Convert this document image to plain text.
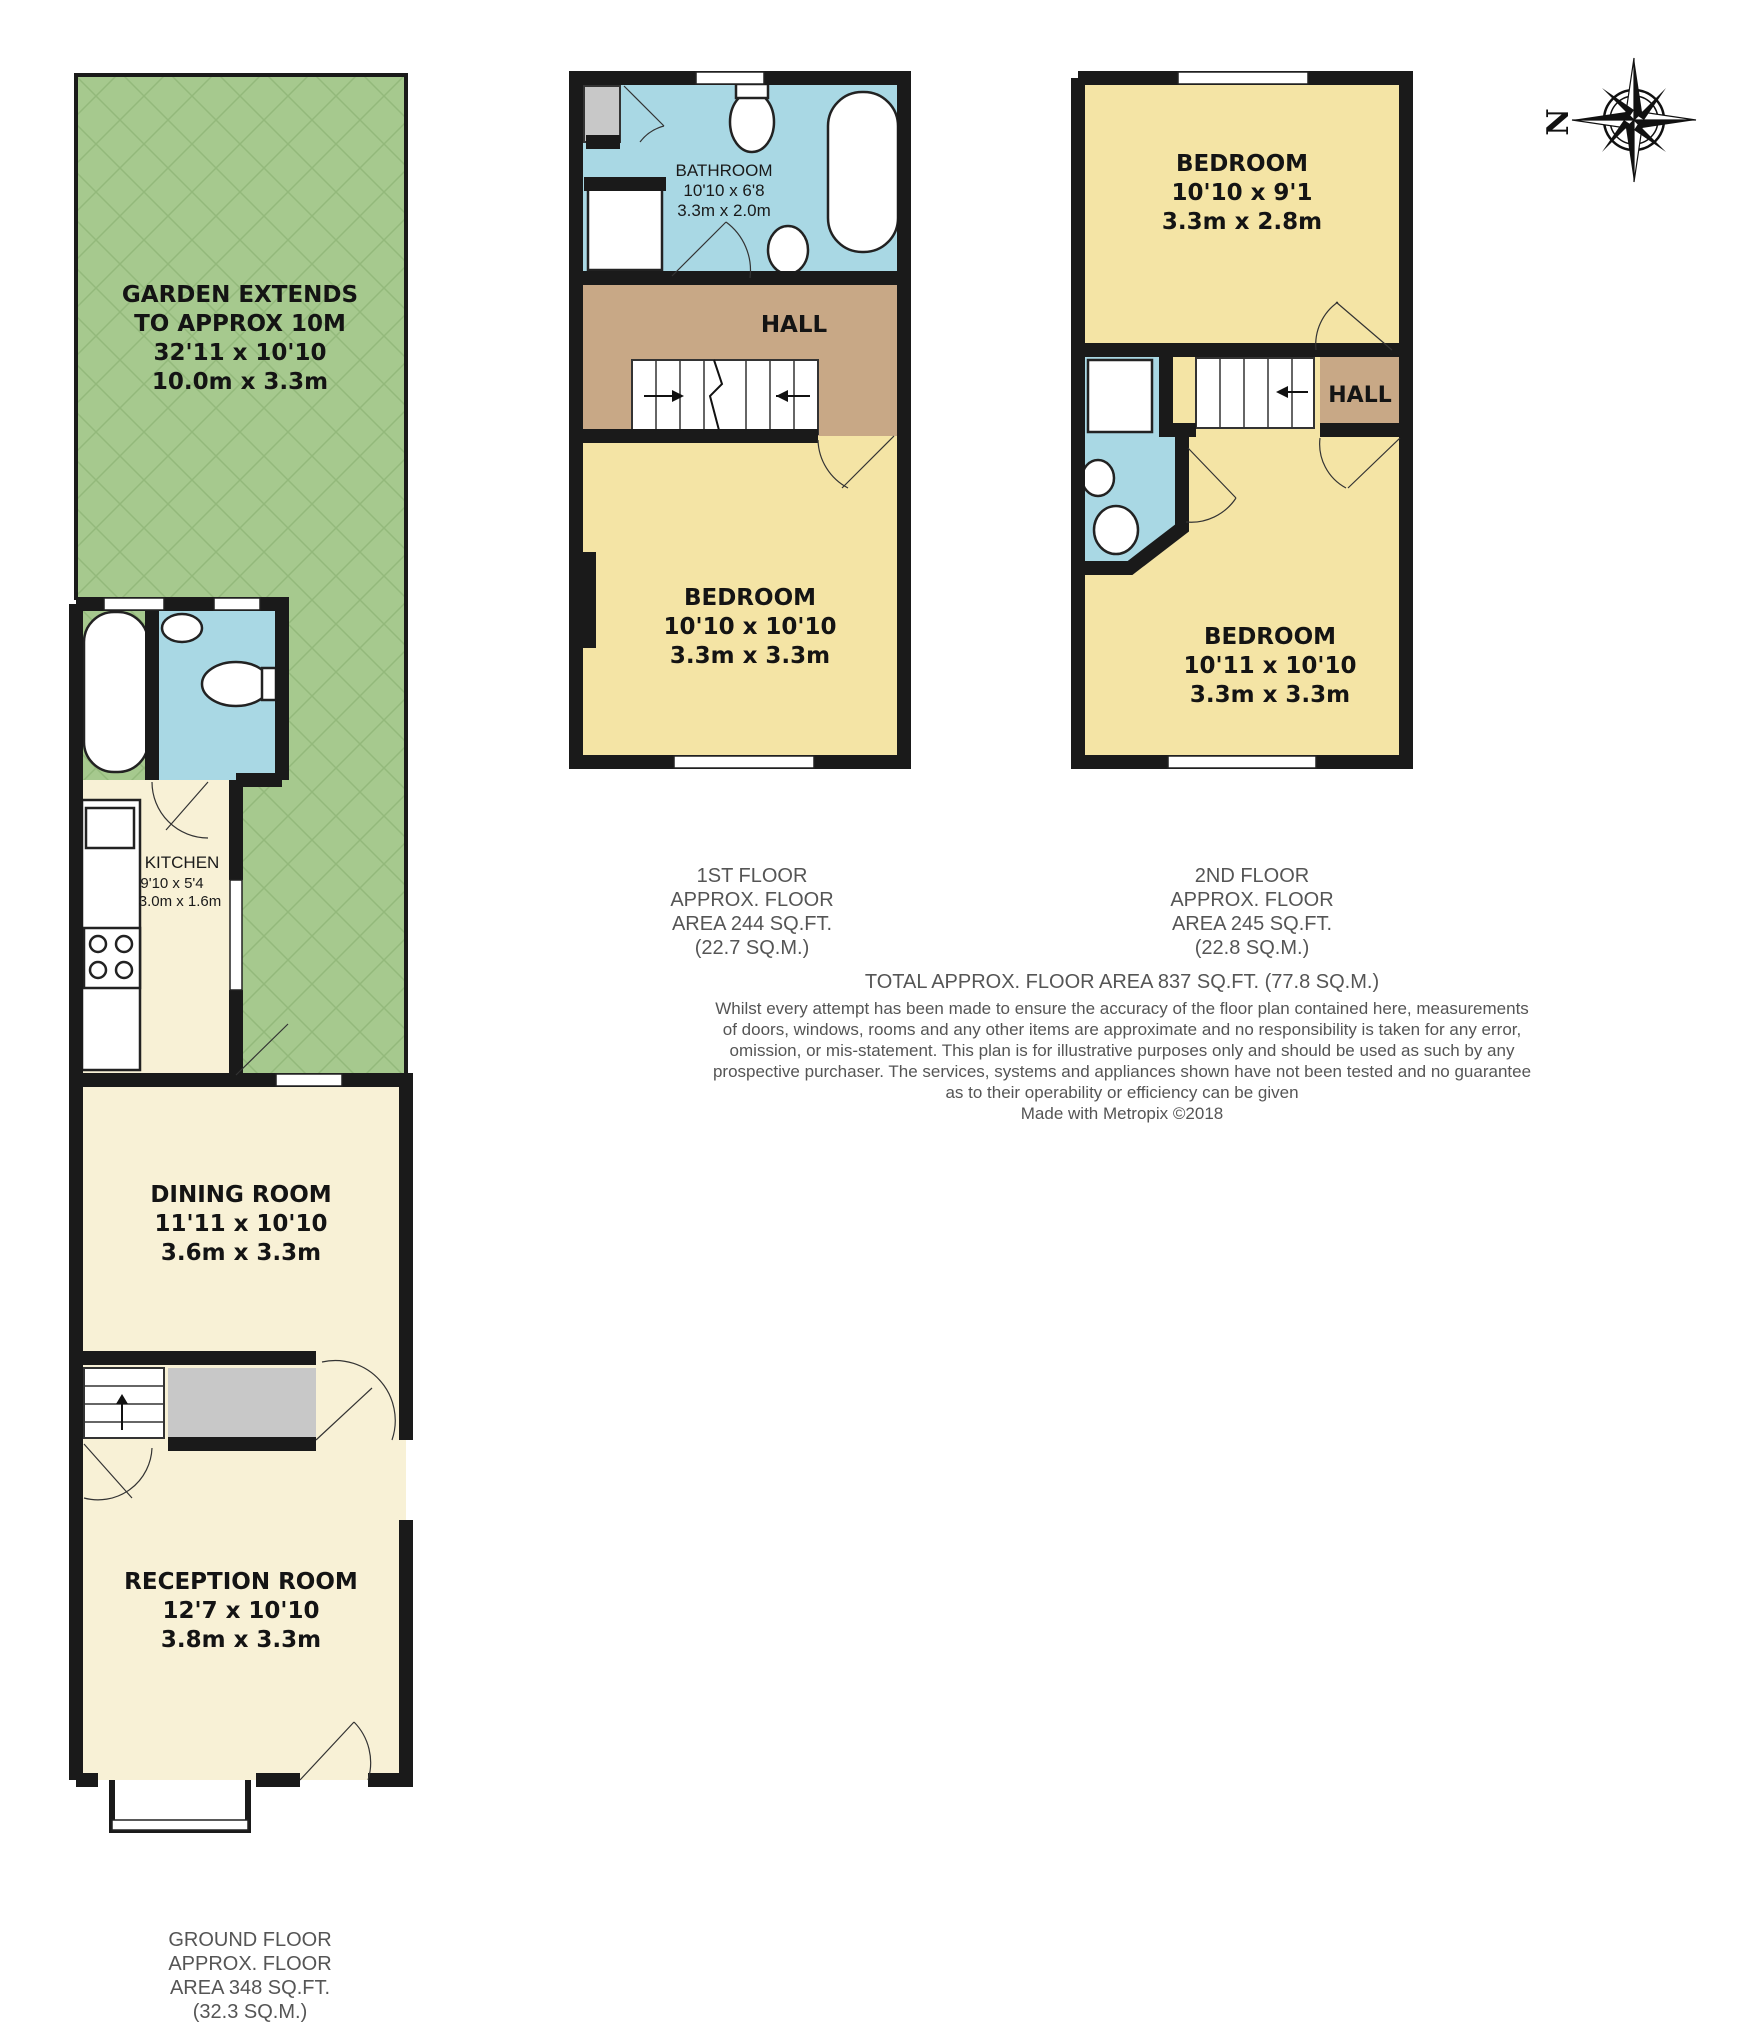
GARDEN EXTENDS
TO APPROX 10M
32'11 x 10'10
10.0m x 3.3m
KITCHEN
9'10 x 5'4
3.0m x 1.6m
DINING ROOM
11'11 x 10'10
3.6m x 3.3m
RECEPTION ROOM
12'7 x 10'10
3.8m x 3.3m
GROUND FLOOR
APPROX. FLOOR
AREA 348 SQ.FT.
(32.3 SQ.M.)
BATHROOM
10'10 x 6'8
3.3m x 2.0m
HALL
BEDROOM
10'10 x 10'10
3.3m x 3.3m
1ST FLOOR
APPROX. FLOOR
AREA 244 SQ.FT.
(22.7 SQ.M.)
BEDROOM
10'10 x 9'1
3.3m x 2.8m
HALL
BEDROOM
10'11 x 10'10
3.3m x 3.3m
2ND FLOOR
APPROX. FLOOR
AREA 245 SQ.FT.
(22.8 SQ.M.)
TOTAL APPROX. FLOOR AREA 837 SQ.FT. (77.8 SQ.M.)
Whilst every attempt has been made to ensure the accuracy of the floor plan contained here, measurements
of doors, windows, rooms and any other items are approximate and no responsibility is taken for any error,
omission, or mis-statement. This plan is for illustrative purposes only and should be used as such by any
prospective purchaser. The services, systems and appliances shown have not been tested and no guarantee
as to their operability or efficiency can be given
Made with Metropix ©2018
N
